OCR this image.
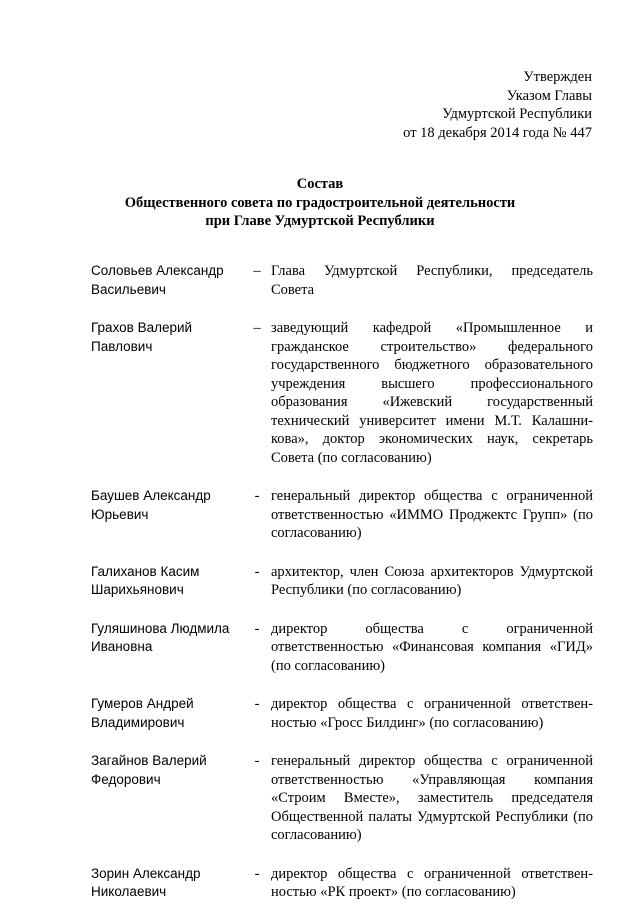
Утвержден
Указом Главы
Удмуртской Республики
от 18 декабря 2014 года № 447
Состав
Общественного совета по градостроительной деятельности
при Главе Удмуртской Республики
Соловьев Александр
Васильевич
– Глава Удмуртской Республики, председатель Совета
Грахов Валерий
Павлович
– заведующий кафедрой «Промышленное и гражданское строительство» федерального государственного бюджетного образовательного учреждения высшего профессионального образования «Ижевский государственный технический университет имени М.Т. Калашни-кова», доктор экономических наук, секретарь Совета (по согласованию)
Баушев Александр
Юрьевич
- генеральный директор общества с ограниченной ответственностью «ИММО Проджектс Групп» (по согласованию)
Галиханов Касим
Шарихьянович
- архитектор, член Союза архитекторов Удмуртской Республики (по согласованию)
Гуляшинова Людмила
Ивановна
- директор общества с ограниченной ответственностью «Финансовая компания «ГИД» (по согласованию)
Гумеров Андрей
Владимирович
- директор общества с ограниченной ответствен-ностью «Гросс Билдинг» (по согласованию)
Загайнов Валерий
Федорович
- генеральный директор общества с ограниченной ответственностью «Управляющая компания «Строим Вместе», заместитель председателя Общественной палаты Удмуртской Республики (по согласованию)
Зорин Александр
Николаевич
- директор общества с ограниченной ответствен-ностью «РК проект» (по согласованию)
